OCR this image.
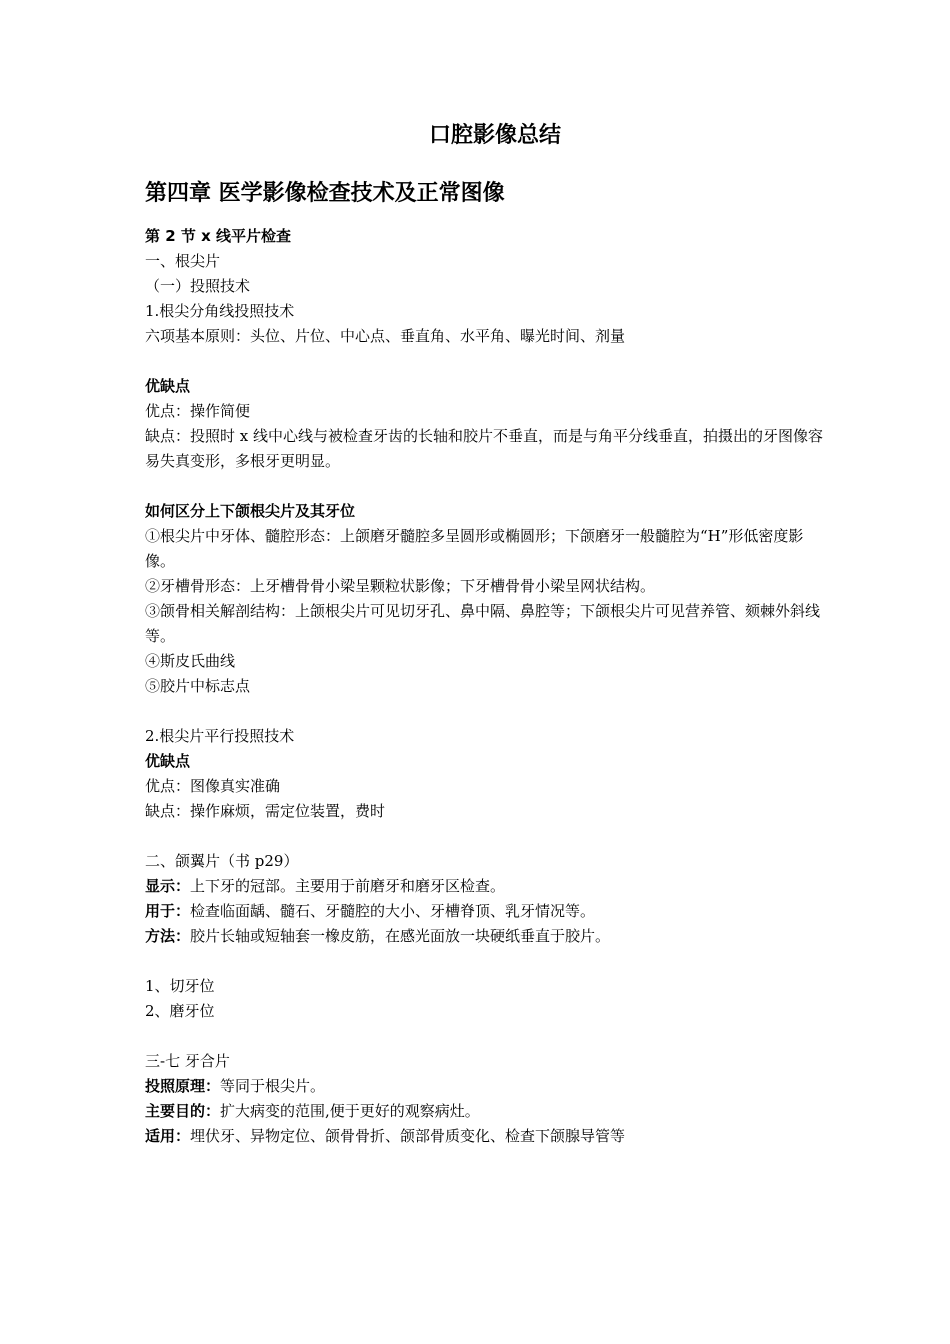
口腔影像总结
第四章 医学影像检查技术及正常图像
第 2 节 x 线平片检查

一、根尖片

（一）投照技术

1.根尖分角线投照技术

六项基本原则：头位、片位、中心点、垂直角、水平角、曝光时间、剂量

优缺点

优点：操作简便

缺点：投照时 x 线中心线与被检查牙齿的长轴和胶片不垂直，而是与角平分线垂直，拍摄出的牙图像容易失真变形，多根牙更明显。

如何区分上下颌根尖片及其牙位

①根尖片中牙体、髓腔形态：上颌磨牙髓腔多呈圆形或椭圆形；下颌磨牙一般髓腔为“H”形低密度影像。

②牙槽骨形态：上牙槽骨骨小梁呈颗粒状影像；下牙槽骨骨小梁呈网状结构。

③颌骨相关解剖结构：上颌根尖片可见切牙孔、鼻中隔、鼻腔等；下颌根尖片可见营养管、颏棘外斜线等。

④斯皮氏曲线

⑤胶片中标志点

2.根尖片平行投照技术

优缺点

优点：图像真实准确

缺点：操作麻烦，需定位装置，费时

二、颌翼片（书 p29）

显示：上下牙的冠部。主要用于前磨牙和磨牙区检查。

用于：检查临面龋、髓石、牙髓腔的大小、牙槽脊顶、乳牙情况等。

方法：胶片长轴或短轴套一橡皮筋，在感光面放一块硬纸垂直于胶片。

1、切牙位

2、磨牙位

三-七 牙合片

投照原理：等同于根尖片。

主要目的：扩大病变的范围,便于更好的观察病灶。

适用：埋伏牙、异物定位、颌骨骨折、颌部骨质变化、检查下颌腺导管等
